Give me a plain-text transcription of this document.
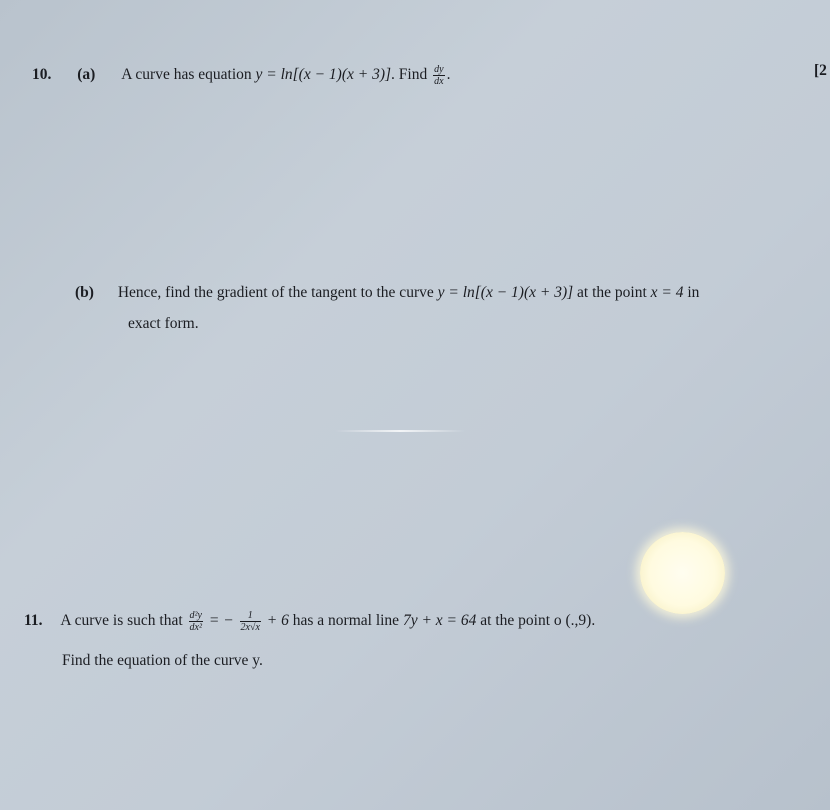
10. (a) A curve has equation y = ln[(x − 1)(x + 3)]. Find $\frac{dy}{dx}$ .	[2
(b) Hence, find the gradient of the tangent to the curve y = ln[(x − 1)(x + 3)] at the point x = 4 in
exact form.
11. A curve is such that $\frac{\text{d²y}}{\text{dx²}}$ = − $\frac{1}{2x√x} + 6$ has a normal line 7y + x = 64 at the point o (.,9).
Find the equation of the curve y.
